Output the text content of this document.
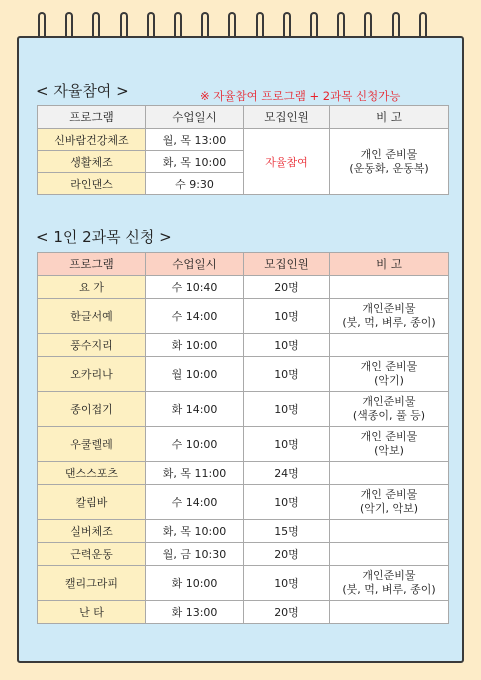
< 자율참여 >	※ 자율참여 프로그램 + 2과목 신청가능
프로그램	수업일시	모집인원	비 고
신바람건강체조	월, 목 13:00	자율참여	개인 준비물
(운동화, 운동복)

생활체조	화, 목 10:00		
라인댄스	수 9:30		
< 1인 2과목 신청 >
프로그램	수업일시	모집인원	비 고
요 가	수 10:40	20명	

한글서예	수 14:00	10명	개인준비물
(붓, 먹, 벼루, 종이)

풍수지리	화 10:00	10명	

오카리나	월 10:00	10명	개인 준비물
(악기)

종이접기	화 14:00	10명	개인준비물
(색종이, 풀 등)

우쿨렐레	수 10:00	10명	개인 준비물
(악보)

댄스스포츠	화, 목 11:00	24명	

칼림바	수 14:00	10명	개인 준비물
(악기, 악보)

실버체조	화, 목 10:00	15명	

근력운동	월, 금 10:30	20명	

캘리그라피	화 10:00	10명	개인준비물
(붓, 먹, 벼루, 종이)

난 타	화 13:00	20명	
